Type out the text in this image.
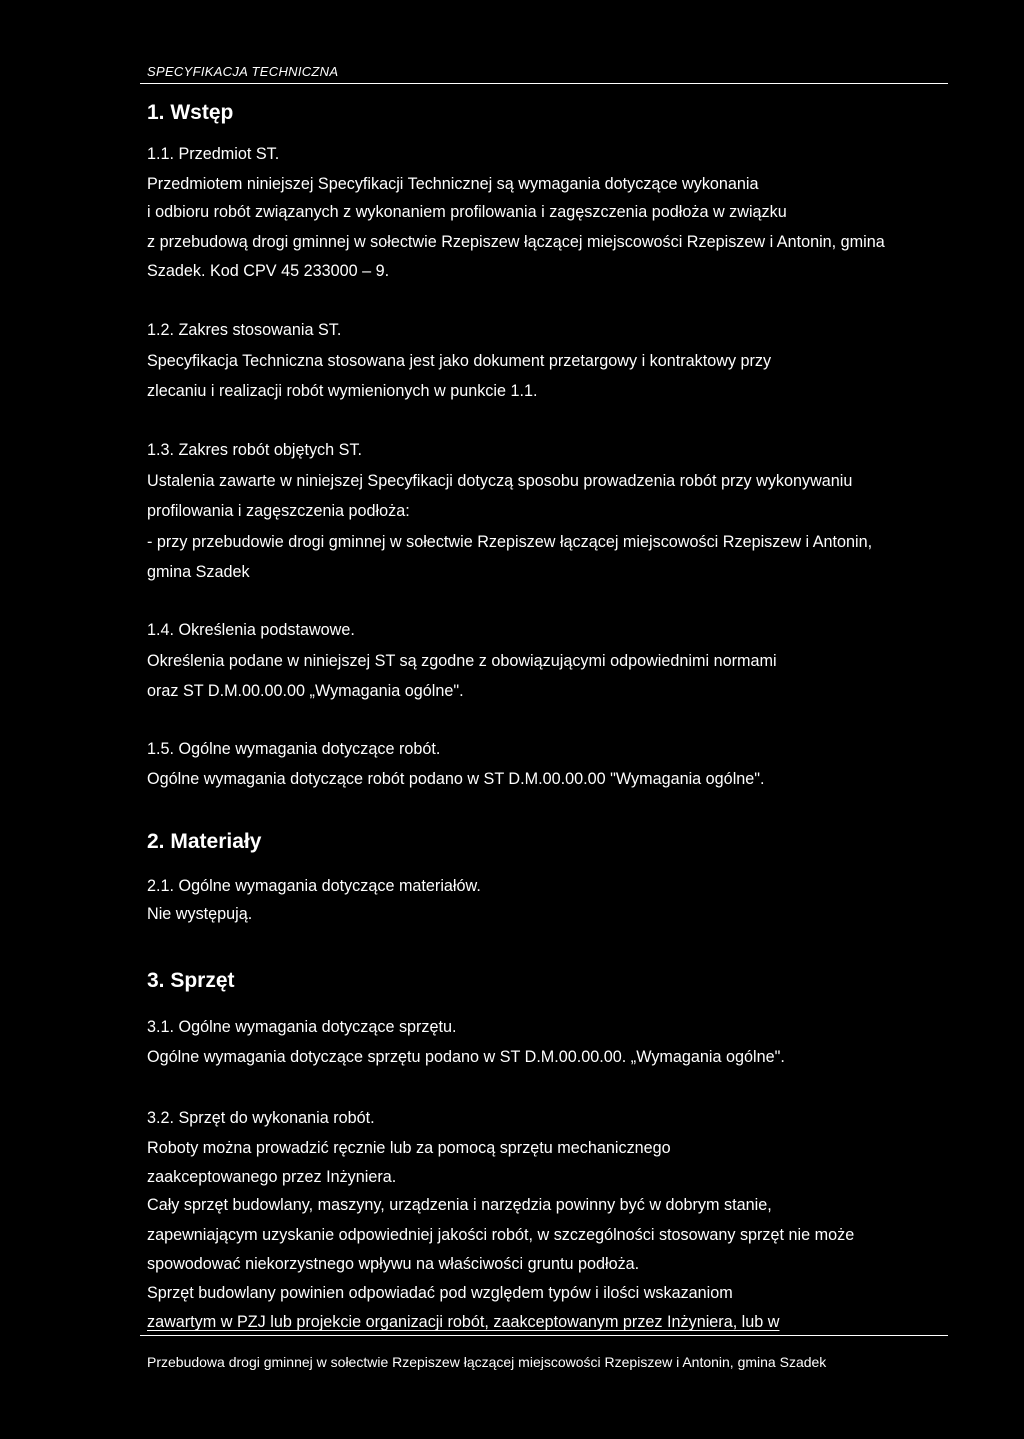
SPECYFIKACJA TECHNICZNA
1. Wstęp
1.1. Przedmiot ST.
Przedmiotem niniejszej Specyfikacji Technicznej są wymagania dotyczące wykonania
i odbioru robót związanych z wykonaniem profilowania i zagęszczenia podłoża w związku
z przebudową drogi gminnej w sołectwie Rzepiszew łączącej miejscowości Rzepiszew i Antonin, gmina
Szadek. Kod CPV 45 233000 – 9.
1.2. Zakres stosowania ST.
Specyfikacja Techniczna stosowana jest jako dokument przetargowy i kontraktowy przy
zlecaniu i realizacji robót wymienionych w punkcie 1.1.
1.3. Zakres robót objętych ST.
Ustalenia zawarte w niniejszej Specyfikacji dotyczą sposobu prowadzenia robót przy wykonywaniu
profilowania i zagęszczenia podłoża:
- przy przebudowie drogi gminnej w sołectwie Rzepiszew łączącej miejscowości Rzepiszew i Antonin,
gmina Szadek
1.4. Określenia podstawowe.
Określenia podane w niniejszej ST są zgodne z obowiązującymi odpowiednimi normami
oraz ST D.M.00.00.00 „Wymagania ogólne".
1.5. Ogólne wymagania dotyczące robót.
Ogólne wymagania dotyczące robót podano w ST D.M.00.00.00 "Wymagania ogólne".
2. Materiały
2.1. Ogólne wymagania dotyczące materiałów.
Nie występują.
3. Sprzęt
3.1. Ogólne wymagania dotyczące sprzętu.
Ogólne wymagania dotyczące sprzętu podano w ST D.M.00.00.00. „Wymagania ogólne".
3.2. Sprzęt do wykonania robót.
Roboty można prowadzić ręcznie lub za pomocą sprzętu mechanicznego
zaakceptowanego przez Inżyniera.
Cały sprzęt budowlany, maszyny, urządzenia i narzędzia powinny być w dobrym stanie,
zapewniającym uzyskanie odpowiedniej jakości robót, w szczególności stosowany sprzęt nie może
spowodować niekorzystnego wpływu na właściwości gruntu podłoża.
Sprzęt budowlany powinien odpowiadać pod względem typów i ilości wskazaniom
zawartym w PZJ lub projekcie organizacji robót, zaakceptowanym przez Inżyniera, lub w
Przebudowa drogi gminnej w sołectwie Rzepiszew łączącej miejscowości Rzepiszew i Antonin, gmina Szadek
